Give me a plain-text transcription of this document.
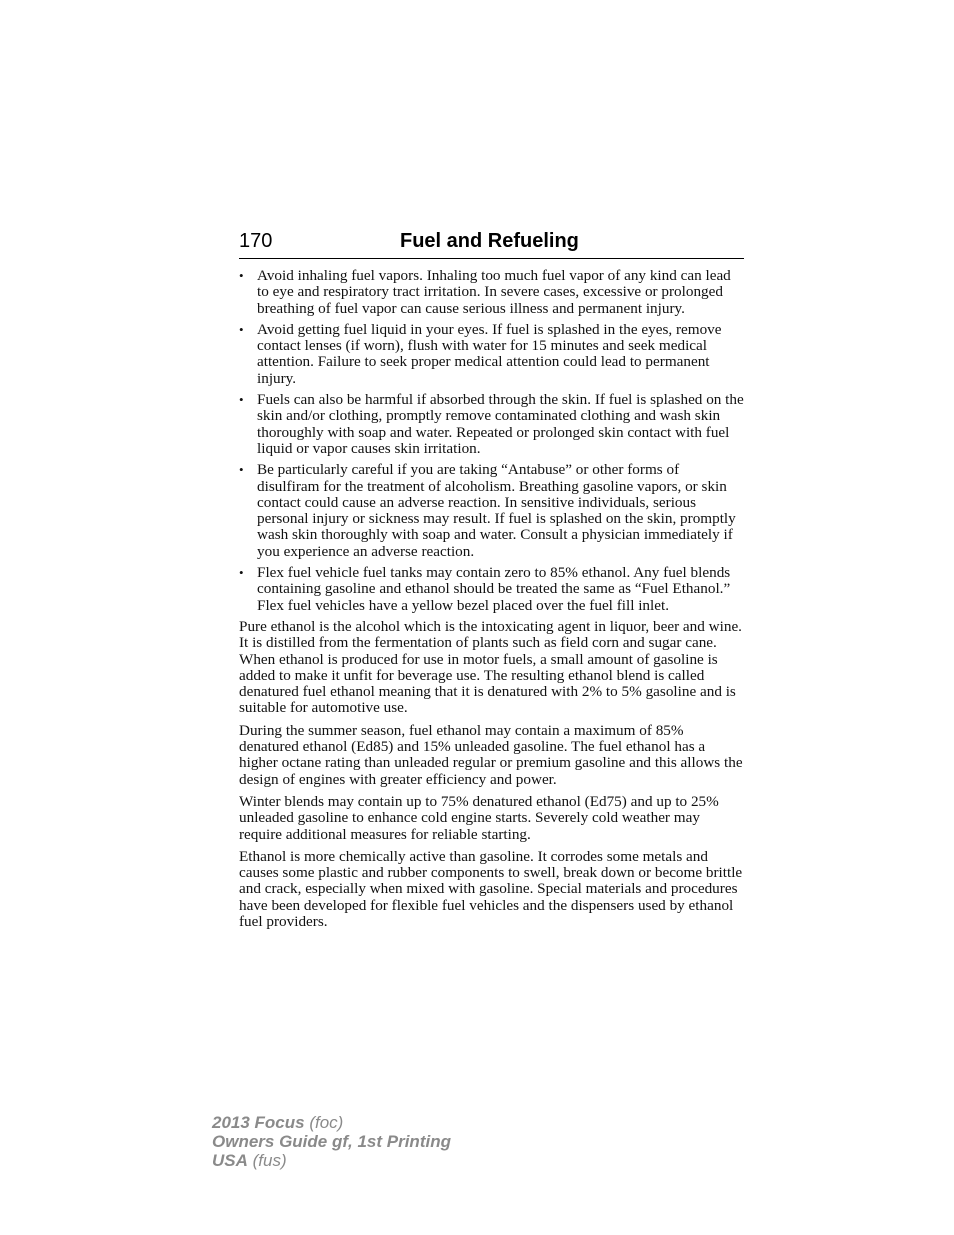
170	Fuel and Refueling
• Avoid inhaling fuel vapors. Inhaling too much fuel vapor of any kind can lead to eye and respiratory tract irritation. In severe cases, excessive or prolonged breathing of fuel vapor can cause serious illness and permanent injury.
• Avoid getting fuel liquid in your eyes. If fuel is splashed in the eyes, remove contact lenses (if worn), flush with water for 15 minutes and seek medical attention. Failure to seek proper medical attention could lead to permanent injury.
• Fuels can also be harmful if absorbed through the skin. If fuel is splashed on the skin and/or clothing, promptly remove contaminated clothing and wash skin thoroughly with soap and water. Repeated or prolonged skin contact with fuel liquid or vapor causes skin irritation.
• Be particularly careful if you are taking “Antabuse” or other forms of disulfiram for the treatment of alcoholism. Breathing gasoline vapors, or skin contact could cause an adverse reaction. In sensitive individuals, serious personal injury or sickness may result. If fuel is splashed on the skin, promptly wash skin thoroughly with soap and water. Consult a physician immediately if you experience an adverse reaction.
• Flex fuel vehicle fuel tanks may contain zero to 85% ethanol. Any fuel blends containing gasoline and ethanol should be treated the same as “Fuel Ethanol.” Flex fuel vehicles have a yellow bezel placed over the fuel fill inlet.

Pure ethanol is the alcohol which is the intoxicating agent in liquor, beer and wine. It is distilled from the fermentation of plants such as field corn and sugar cane. When ethanol is produced for use in motor fuels, a small amount of gasoline is added to make it unfit for beverage use. The resulting ethanol blend is called denatured fuel ethanol meaning that it is denatured with 2% to 5% gasoline and is suitable for automotive use.

During the summer season, fuel ethanol may contain a maximum of 85% denatured ethanol (Ed85) and 15% unleaded gasoline. The fuel ethanol has a higher octane rating than unleaded regular or premium gasoline and this allows the design of engines with greater efficiency and power.

Winter blends may contain up to 75% denatured ethanol (Ed75) and up to 25% unleaded gasoline to enhance cold engine starts. Severely cold weather may require additional measures for reliable starting.

Ethanol is more chemically active than gasoline. It corrodes some metals and causes some plastic and rubber components to swell, break down or become brittle and crack, especially when mixed with gasoline. Special materials and procedures have been developed for flexible fuel vehicles and the dispensers used by ethanol fuel providers.

2013 Focus (foc)
Owners Guide gf, 1st Printing
USA (fus)
